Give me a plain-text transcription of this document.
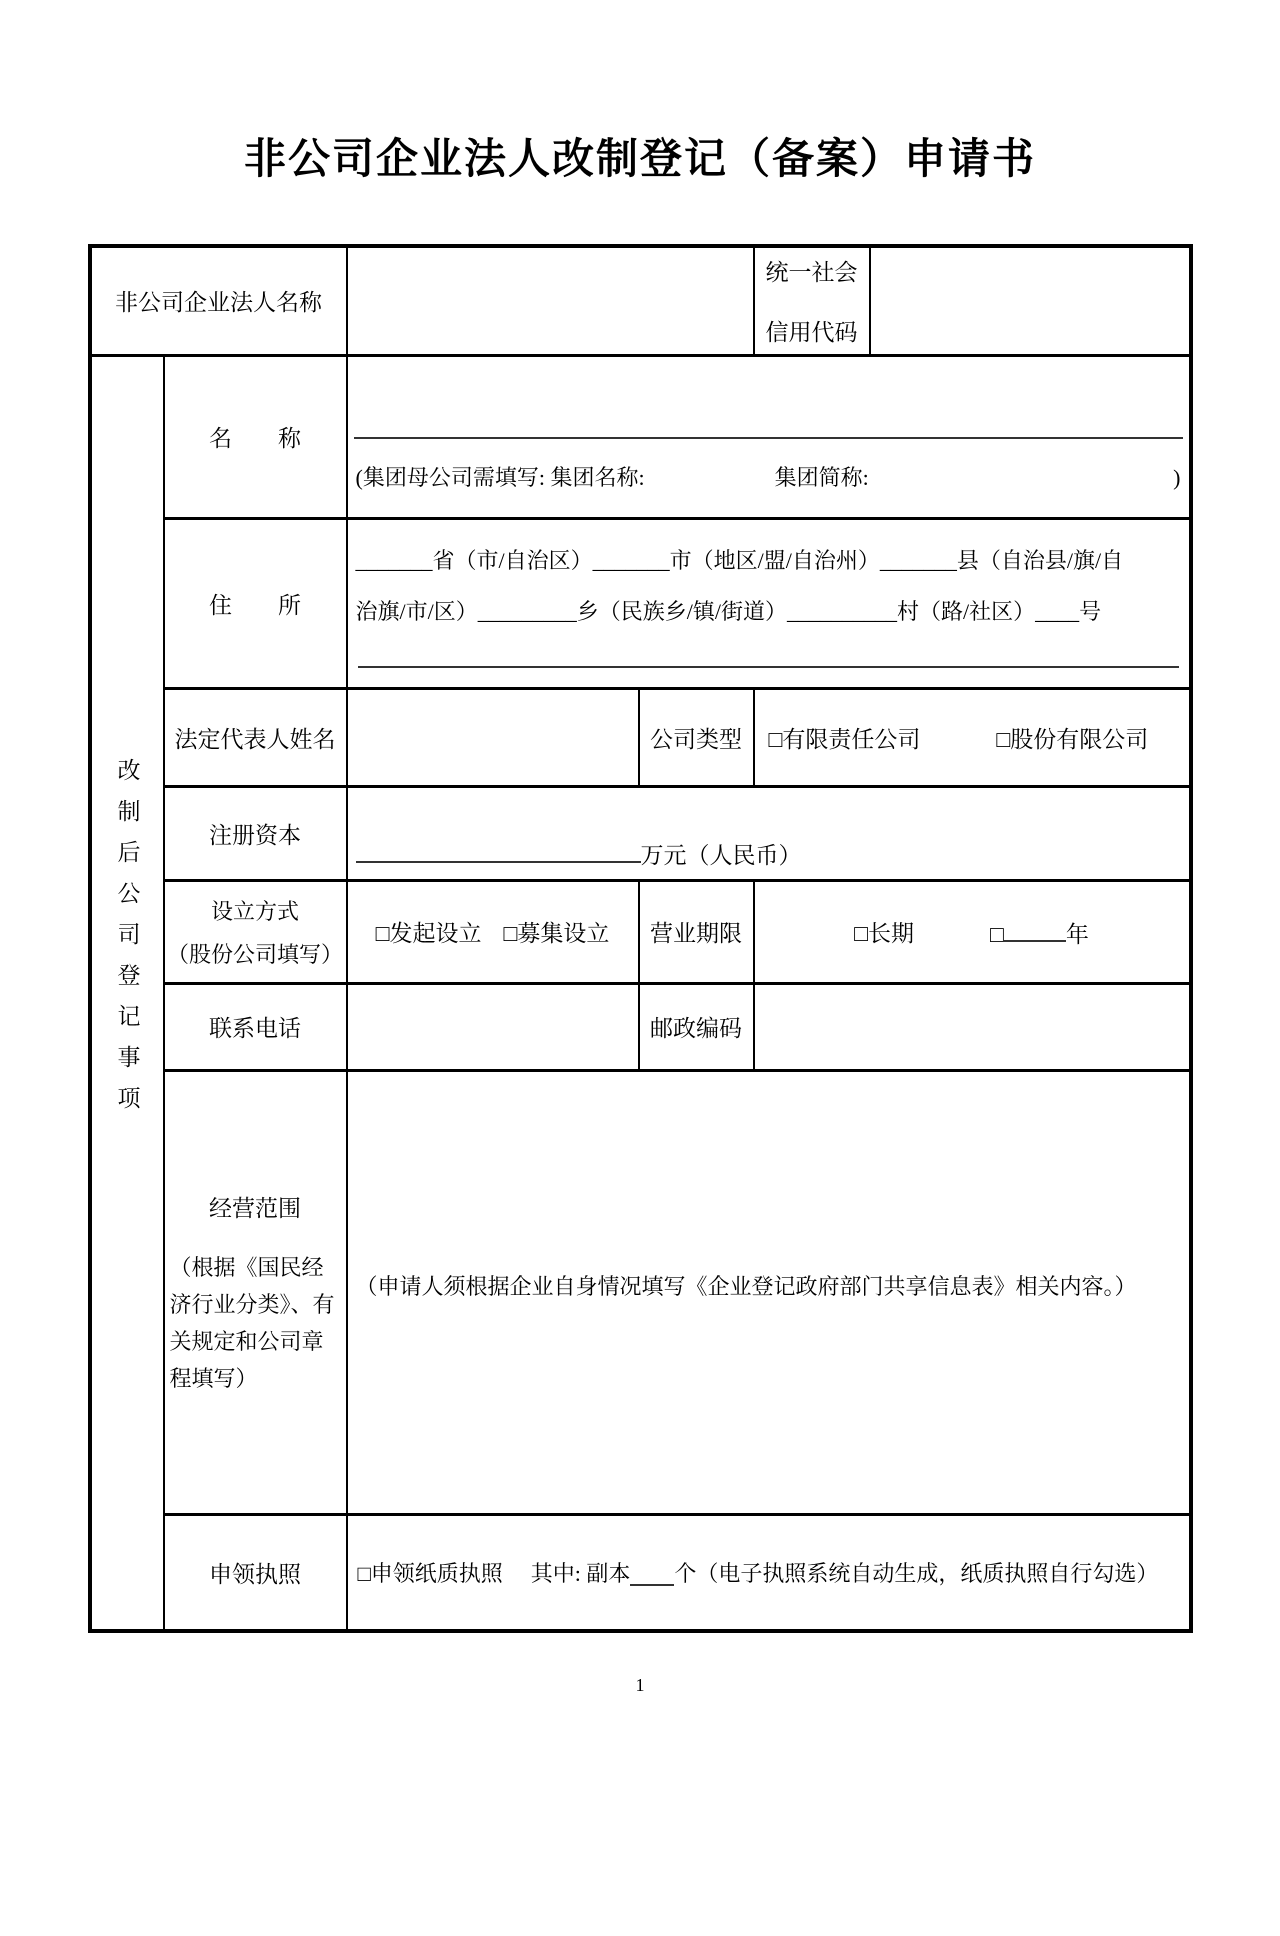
非公司企业法人改制登记（备案）申请书
非公司企业法人名称				统一社会
信用代码	

改制后公司登记事项	名　　称	(集团母公司需填写: 集团名称: 集团简称: )			

	住　　所	_______省（市/自治区）_______市（地区/盟/自治州）_______县（自治县/旗/自
治旗/市/区）_________乡（民族乡/镇/街道）__________村（路/社区）____号			

	法定代表人姓名		公司类型	□有限责任公司 □股份有限公司	

	注册资本	万元（人民币）			

	设立方式
（股份公司填写）	□发起设立 □募集设立	营业期限	□长期 □ 年	

	联系电话		邮政编码		

	经营范围
（根据《国民经济行业分类》、有关规定和公司章程填写）	（申请人须根据企业自身情况填写《企业登记政府部门共享信息表》相关内容。）			

	申领执照	□申领纸质执照 其中: 副本 个（电子执照系统自动生成，纸质执照自行勾选）			
1
